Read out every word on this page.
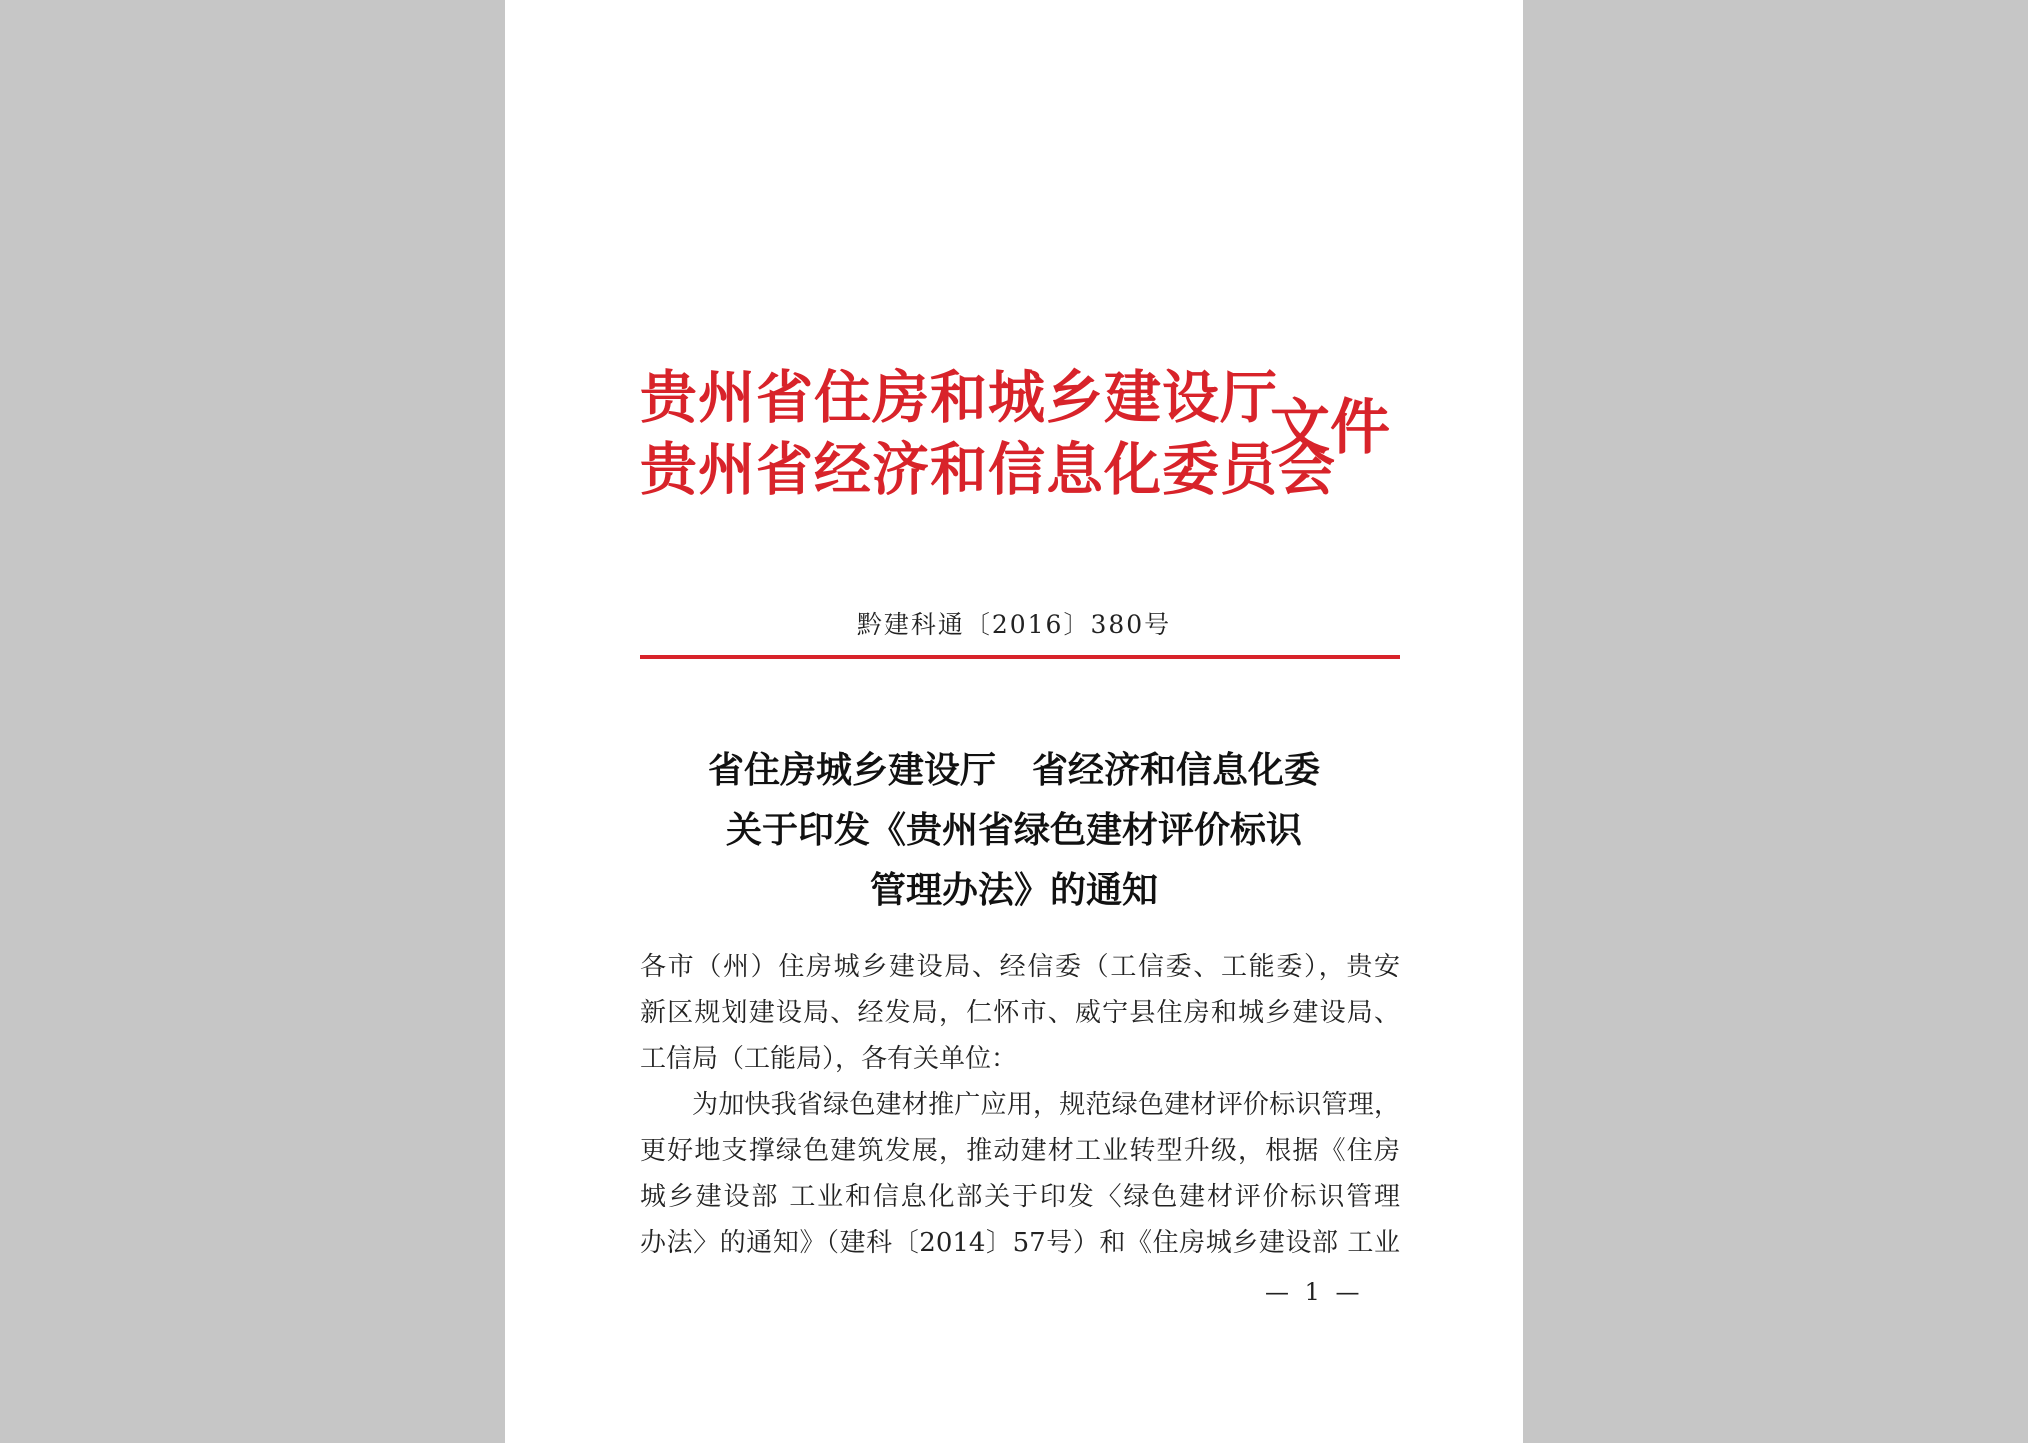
贵州省住房和城乡建设厅
贵州省经济和信息化委员会
文件
黔建科通〔2016〕380号
省住房城乡建设厅　省经济和信息化委
关于印发《贵州省绿色建材评价标识
管理办法》的通知
各市（州）住房城乡建设局、经信委（工信委、工能委），贵安
新区规划建设局、经发局，仁怀市、威宁县住房和城乡建设局、
工信局（工能局），各有关单位：
为加快我省绿色建材推广应用，规范绿色建材评价标识管理，
更好地支撑绿色建筑发展，推动建材工业转型升级，根据《住房
城乡建设部 工业和信息化部关于印发〈绿色建材评价标识管理
办法〉的通知》（建科〔2014〕57号）和《住房城乡建设部 工业
— 1 —
